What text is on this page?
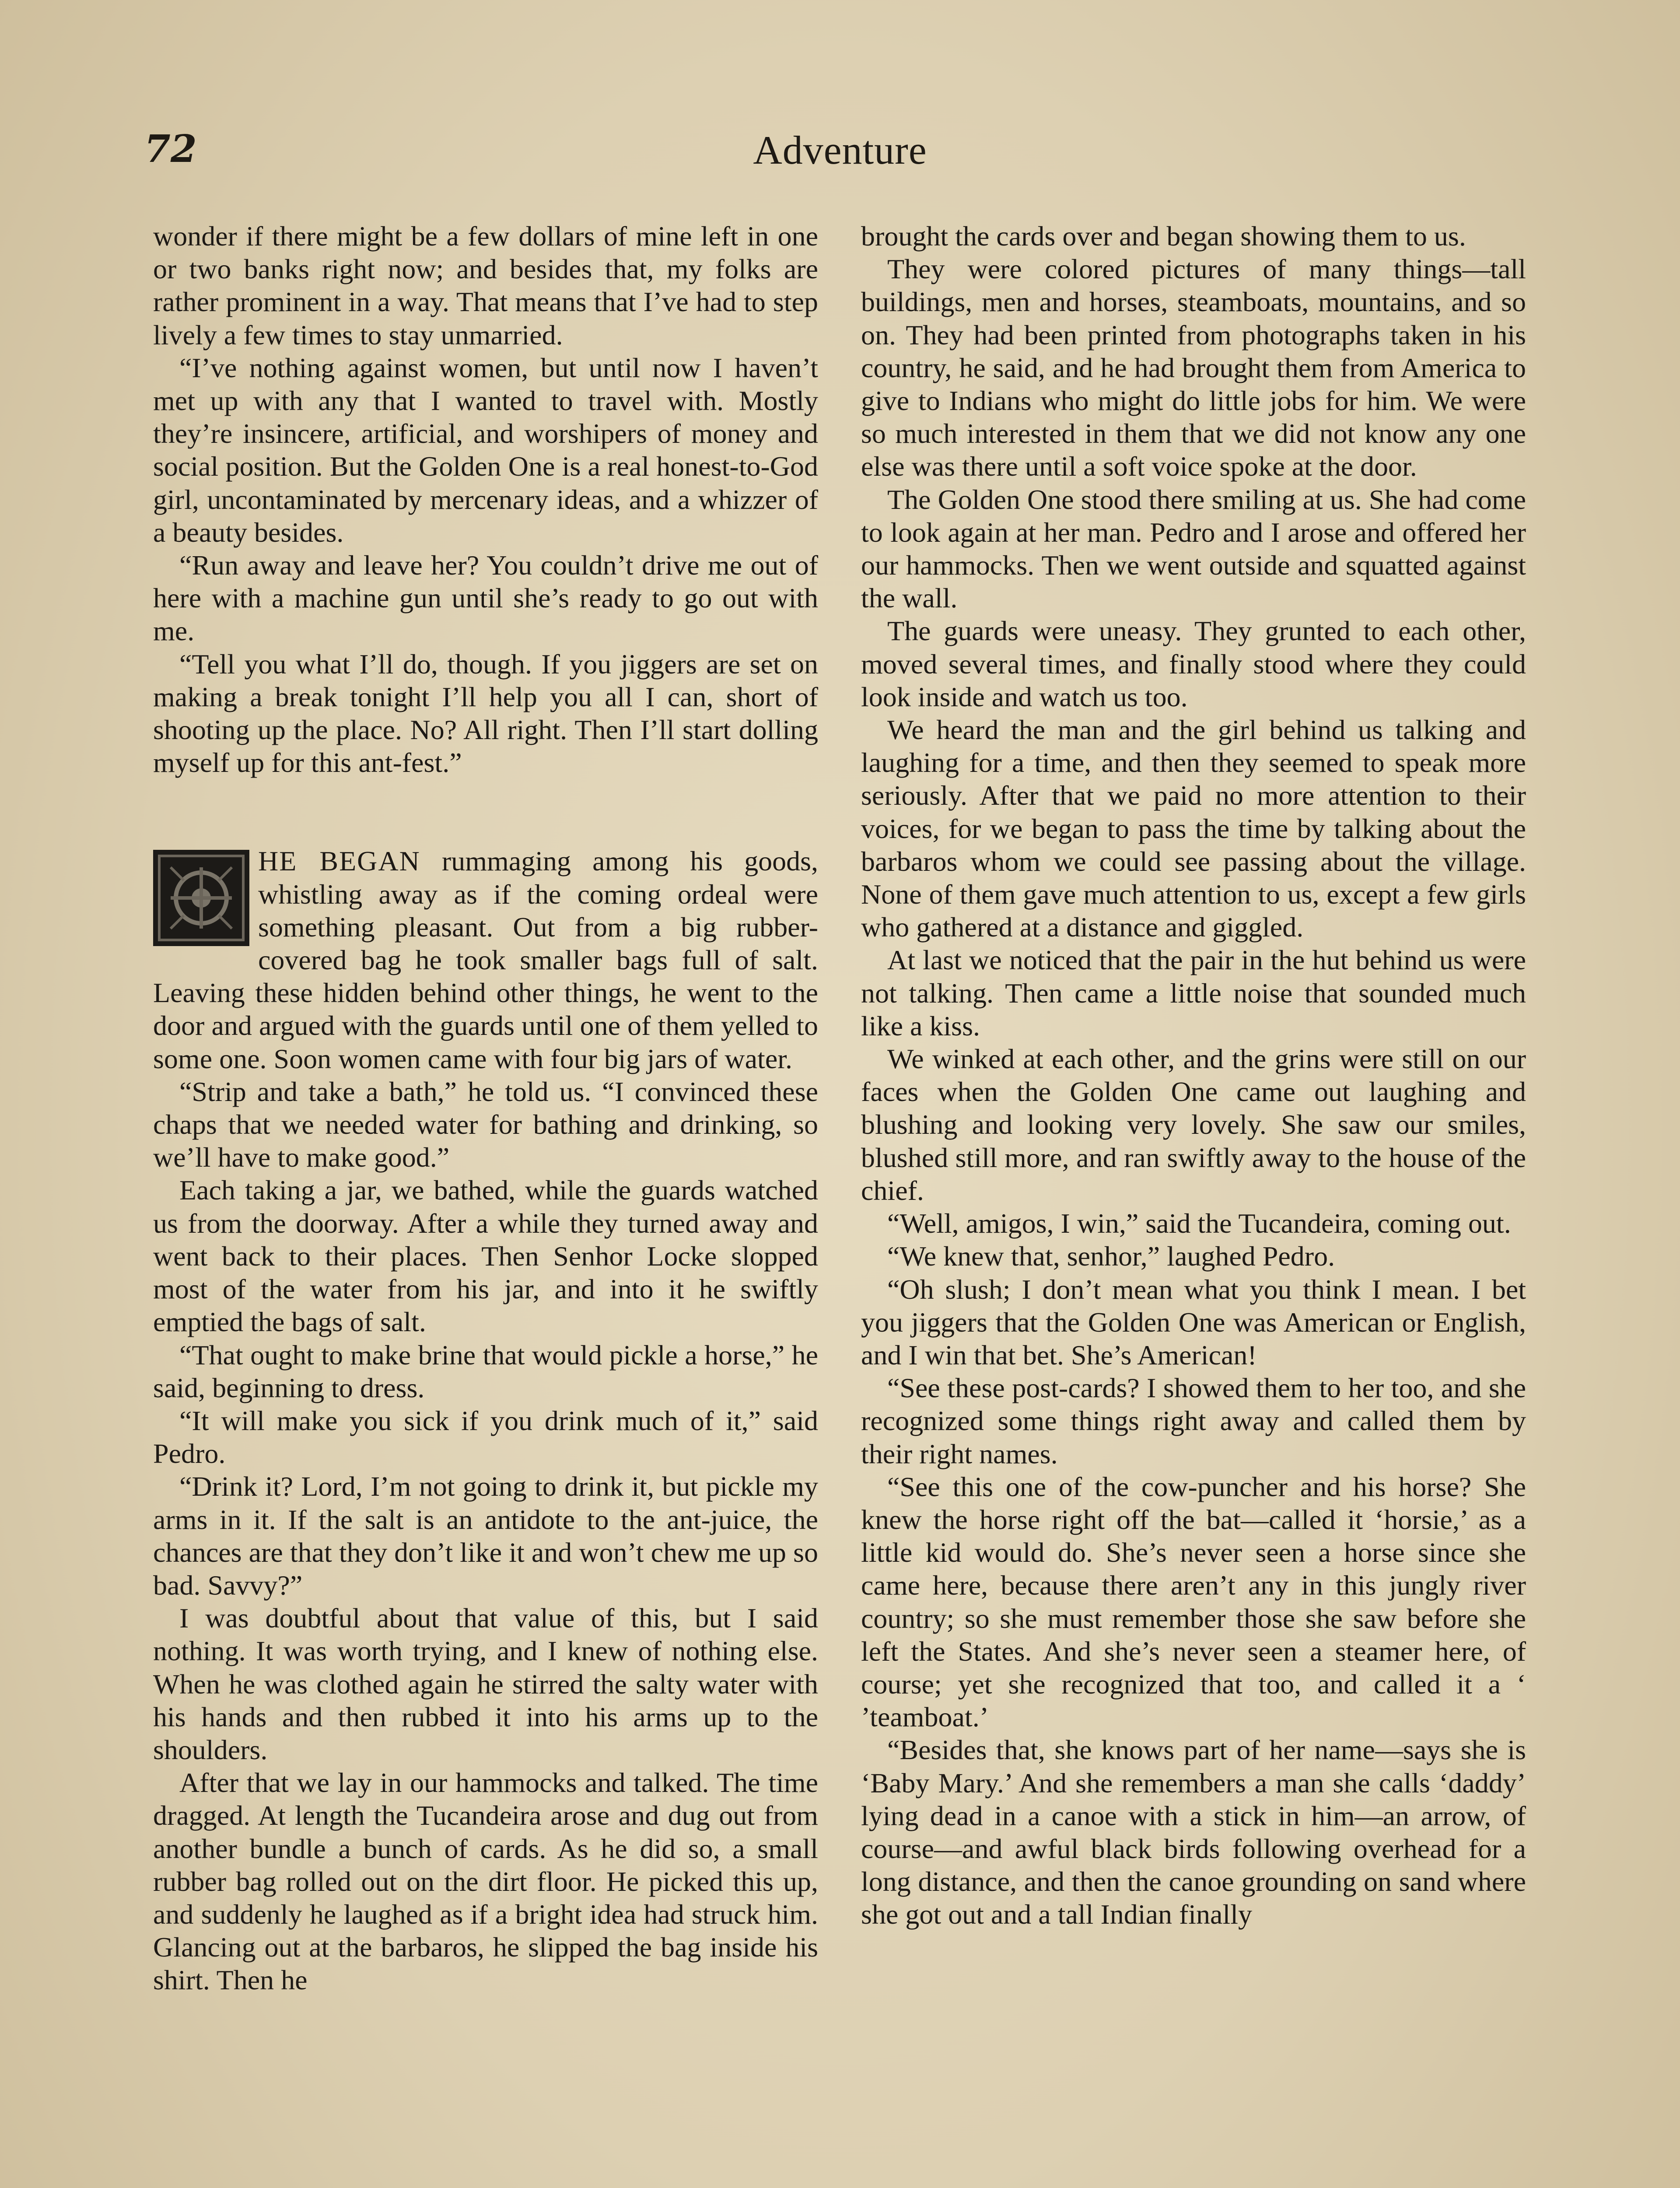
72	Adventure

wonder if there might be a few dollars of mine left in one or two banks right now; and besides that, my folks are rather prominent in a way. That means that I’ve had to step lively a few times to stay unmarried.

“I’ve nothing against women, but until now I haven’t met up with any that I wanted to travel with. Mostly they’re insincere, artificial, and worshipers of money and social position. But the Golden One is a real honest-to-God girl, uncontaminated by mercenary ideas, and a whizzer of a beauty besides.

“Run away and leave her? You couldn’t drive me out of here with a machine gun until she’s ready to go out with me.

“Tell you what I’ll do, though. If you jiggers are set on making a break tonight I’ll help you all I can, short of shooting up the place. No? All right. Then I’ll start dolling myself up for this ant-fest.”

HE BEGAN rummaging among his goods, whistling away as if the coming ordeal were something pleasant. Out from a big rubber-covered bag he took smaller bags full of salt. Leaving these hidden behind other things, he went to the door and argued with the guards until one of them yelled to some one. Soon women came with four big jars of water.

“Strip and take a bath,” he told us. “I convinced these chaps that we needed water for bathing and drinking, so we’ll have to make good.”

Each taking a jar, we bathed, while the guards watched us from the doorway. After a while they turned away and went back to their places. Then Senhor Locke slopped most of the water from his jar, and into it he swiftly emptied the bags of salt.

“That ought to make brine that would pickle a horse,” he said, beginning to dress.

“It will make you sick if you drink much of it,” said Pedro.

“Drink it? Lord, I’m not going to drink it, but pickle my arms in it. If the salt is an antidote to the ant-juice, the chances are that they don’t like it and won’t chew me up so bad. Savvy?”

I was doubtful about that value of this, but I said nothing. It was worth trying, and I knew of nothing else. When he was clothed again he stirred the salty water with his hands and then rubbed it into his arms up to the shoulders.

After that we lay in our hammocks and talked. The time dragged. At length the Tucandeira arose and dug out from another bundle a bunch of cards. As he did so, a small rubber bag rolled out on the dirt floor. He picked this up, and suddenly he laughed as if a bright idea had struck him. Glancing out at the barbaros, he slipped the bag inside his shirt. Then he

brought the cards over and began showing them to us.

They were colored pictures of many things—tall buildings, men and horses, steamboats, mountains, and so on. They had been printed from photographs taken in his country, he said, and he had brought them from America to give to Indians who might do little jobs for him. We were so much interested in them that we did not know any one else was there until a soft voice spoke at the door.

The Golden One stood there smiling at us. She had come to look again at her man. Pedro and I arose and offered her our hammocks. Then we went outside and squatted against the wall.

The guards were uneasy. They grunted to each other, moved several times, and finally stood where they could look inside and watch us too.

We heard the man and the girl behind us talking and laughing for a time, and then they seemed to speak more seriously. After that we paid no more attention to their voices, for we began to pass the time by talking about the barbaros whom we could see passing about the village. None of them gave much attention to us, except a few girls who gathered at a distance and giggled.

At last we noticed that the pair in the hut behind us were not talking. Then came a little noise that sounded much like a kiss.

We winked at each other, and the grins were still on our faces when the Golden One came out laughing and blushing and looking very lovely. She saw our smiles, blushed still more, and ran swiftly away to the house of the chief.

“Well, amigos, I win,” said the Tucandeira, coming out.

“We knew that, senhor,” laughed Pedro.

“Oh slush; I don’t mean what you think I mean. I bet you jiggers that the Golden One was American or English, and I win that bet. She’s American!

“See these post-cards? I showed them to her too, and she recognized some things right away and called them by their right names.

“See this one of the cow-puncher and his horse? She knew the horse right off the bat—called it ‘horsie,’ as a little kid would do. She’s never seen a horse since she came here, because there aren’t any in this jungly river country; so she must remember those she saw before she left the States. And she’s never seen a steamer here, of course; yet she recognized that too, and called it a ‘ ’teamboat.’

“Besides that, she knows part of her name—says she is ‘Baby Mary.’ And she remembers a man she calls ‘daddy’ lying dead in a canoe with a stick in him—an arrow, of course—and awful black birds following overhead for a long distance, and then the canoe grounding on sand where she got out and a tall Indian finally
